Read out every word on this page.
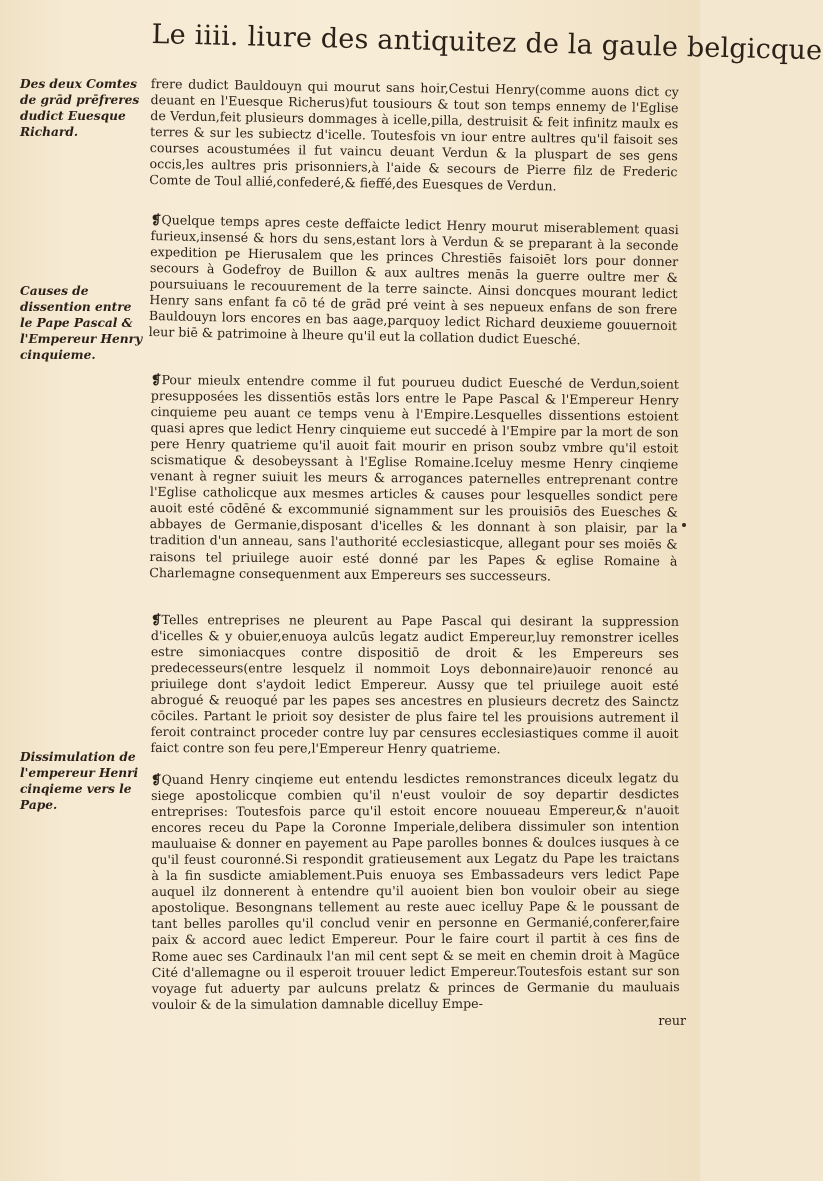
Le iiii. liure des antiquitez de la gaule belgicque
Des deux Comtes de grād prēfreres dudict Euesque Richard.
Causes de dissention entre le Pape Pascal & l'Empereur Henry cinquieme.
Dissimulation de l'empereur Henri cinqieme vers le Pape.

frere dudict Bauldouyn qui mourut sans hoir,Cestui Henry(comme auons dict cy deuant en l'Euesque Richerus)fut tousiours & tout son temps ennemy de l'Eglise de Verdun,feit plusieurs dommages à icelle,pilla, destruisit & feit infinitz maulx es terres & sur les subiectz d'icelle. Toutesfois vn iour entre aultres qu'il faisoit ses courses acoustumées il fut vaincu deuant Verdun & la pluspart de ses gens occis,les aultres pris prisonniers,à l'aide & secours de Pierre filz de Frederic Comte de Toul allié,confederé,& fieffé,des Euesques de Verdun.

❡Quelque temps apres ceste deffaicte ledict Henry mourut miserablement quasi furieux,insensé & hors du sens,estant lors à Verdun & se preparant à la seconde expedition pe Hierusalem que les princes Chrestiēs faisoiēt lors pour donner secours à Godefroy de Buillon & aux aultres menās la guerre oultre mer & poursuiuans le recouurement de la terre saincte. Ainsi doncques mourant ledict Henry sans enfant fa cō té de grād pré veint à ses nepueux enfans de son frere Bauldouyn lors encores en bas aage,parquoy ledict Richard deuxieme gouuernoit leur biē & patrimoine à lheure qu'il eut la collation dudict Euesché.

❡Pour mieulx entendre comme il fut pourueu dudict Euesché de Verdun,soient presupposées les dissentiōs estās lors entre le Pape Pascal & l'Empereur Henry cinquieme peu auant ce temps venu à l'Empire.Lesquelles dissentions estoient quasi apres que ledict Henry cinquieme eut succedé à l'Empire par la mort de son pere Henry quatrieme qu'il auoit fait mourir en prison soubz vmbre qu'il estoit scismatique & desobeyssant à l'Eglise Romaine.Iceluy mesme Henry cinqieme venant à regner suiuit les meurs & arrogances paternelles entreprenant contre l'Eglise catholicque aux mesmes articles & causes pour lesquelles sondict pere auoit esté cōdēné & excommunié signamment sur les prouisiōs des Euesches & abbayes de Germanie,disposant d'icelles & les donnant à son plaisir, par la tradition d'un anneau, sans l'authorité ecclesiasticque, allegant pour ses moiēs & raisons tel priuilege auoir esté donné par les Papes & eglise Romaine à Charlemagne consequenment aux Empereurs ses successeurs.

❡Telles entreprises ne pleurent au Pape Pascal qui desirant la suppression d'icelles & y obuier,enuoya aulcūs legatz audict Empereur,luy remonstrer icelles estre simoniacques contre dispositiō de droit & les Empereurs ses predecesseurs(entre lesquelz il nommoit Loys debonnaire)auoir renoncé au priuilege dont s'aydoit ledict Empereur. Aussy que tel priuilege auoit esté abrogué & reuoqué par les papes ses ancestres en plusieurs decretz des Sainctz cōciles. Partant le prioit soy desister de plus faire tel les prouisions autrement il feroit contrainct proceder contre luy par censures ecclesiastiques comme il auoit faict contre son feu pere,l'Empereur Henry quatrieme.

❡Quand Henry cinqieme eut entendu lesdictes remonstrances diceulx legatz du siege apostolicque combien qu'il n'eust vouloir de soy departir desdictes entreprises: Toutesfois parce qu'il estoit encore nouueau Empereur,& n'auoit encores receu du Pape la Coronne Imperiale,delibera dissimuler son intention mauluaise & donner en payement au Pape parolles bonnes & doulces iusques à ce qu'il feust couronné.Si respondit gratieusement aux Legatz du Pape les traictans à la fin susdicte amiablement.Puis enuoya ses Embassadeurs vers ledict Pape auquel ilz donnerent à entendre qu'il auoient bien bon vouloir obeir au siege apostolique. Besongnans tellement au reste auec icelluy Pape & le poussant de tant belles parolles qu'il conclud venir en personne en Germanié,conferer,faire paix & accord auec ledict Empereur. Pour le faire court il partit à ces fins de Rome auec ses Cardinaulx l'an mil cent sept & se meit en chemin droit à Magūce Cité d'allemagne ou il esperoit trouuer ledict Empereur.Toutesfois estant sur son voyage fut aduerty par aulcuns prelatz & princes de Germanie du mauluais vouloir & de la simulation damnable dicelluy Empe-

reur
